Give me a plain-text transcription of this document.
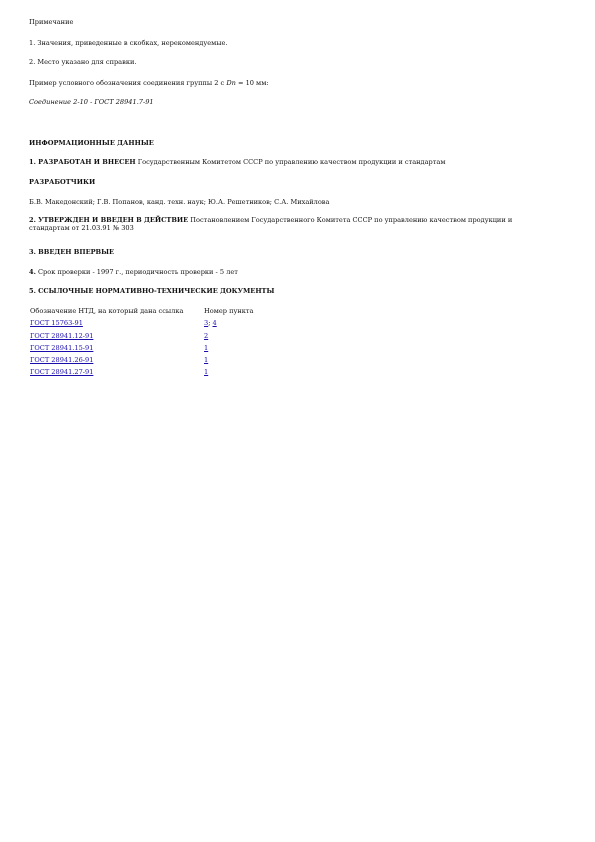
Примечание

1. Значения, приведенные в скобках, нерекомендуемые.

2. Место указано для справки.

Пример условного обозначения соединения группы 2 с Dn = 10 мм:

Соединение 2-10 - ГОСТ 28941.7-91

ИНФОРМАЦИОННЫЕ ДАННЫЕ

1. РАЗРАБОТАН И ВНЕСЕН Государственным Комитетом СССР по управлению качеством продукции и стандартам

РАЗРАБОТЧИКИ

Б.В. Македонский; Г.В. Попанов, канд. техн. наук; Ю.А. Решетников; С.А. Михайлова

2. УТВЕРЖДЕН И ВВЕДЕН В ДЕЙСТВИЕ Постановлением Государственного Комитета СССР по управлению качеством продукции и стандартам от 21.03.91 № 303

3. ВВЕДЕН ВПЕРВЫЕ

4. Срок проверки - 1997 г., периодичность проверки - 5 лет

5. ССЫЛОЧНЫЕ НОРМАТИВНО-ТЕХНИЧЕСКИЕ ДОКУМЕНТЫ

Обозначение НТД, на который дана ссылка	Номер пункта
ГОСТ 15763-91	3; 4
ГОСТ 28941.12-91	2
ГОСТ 28941.15-91	1
ГОСТ 28941.26-91	1
ГОСТ 28941.27-91	1
